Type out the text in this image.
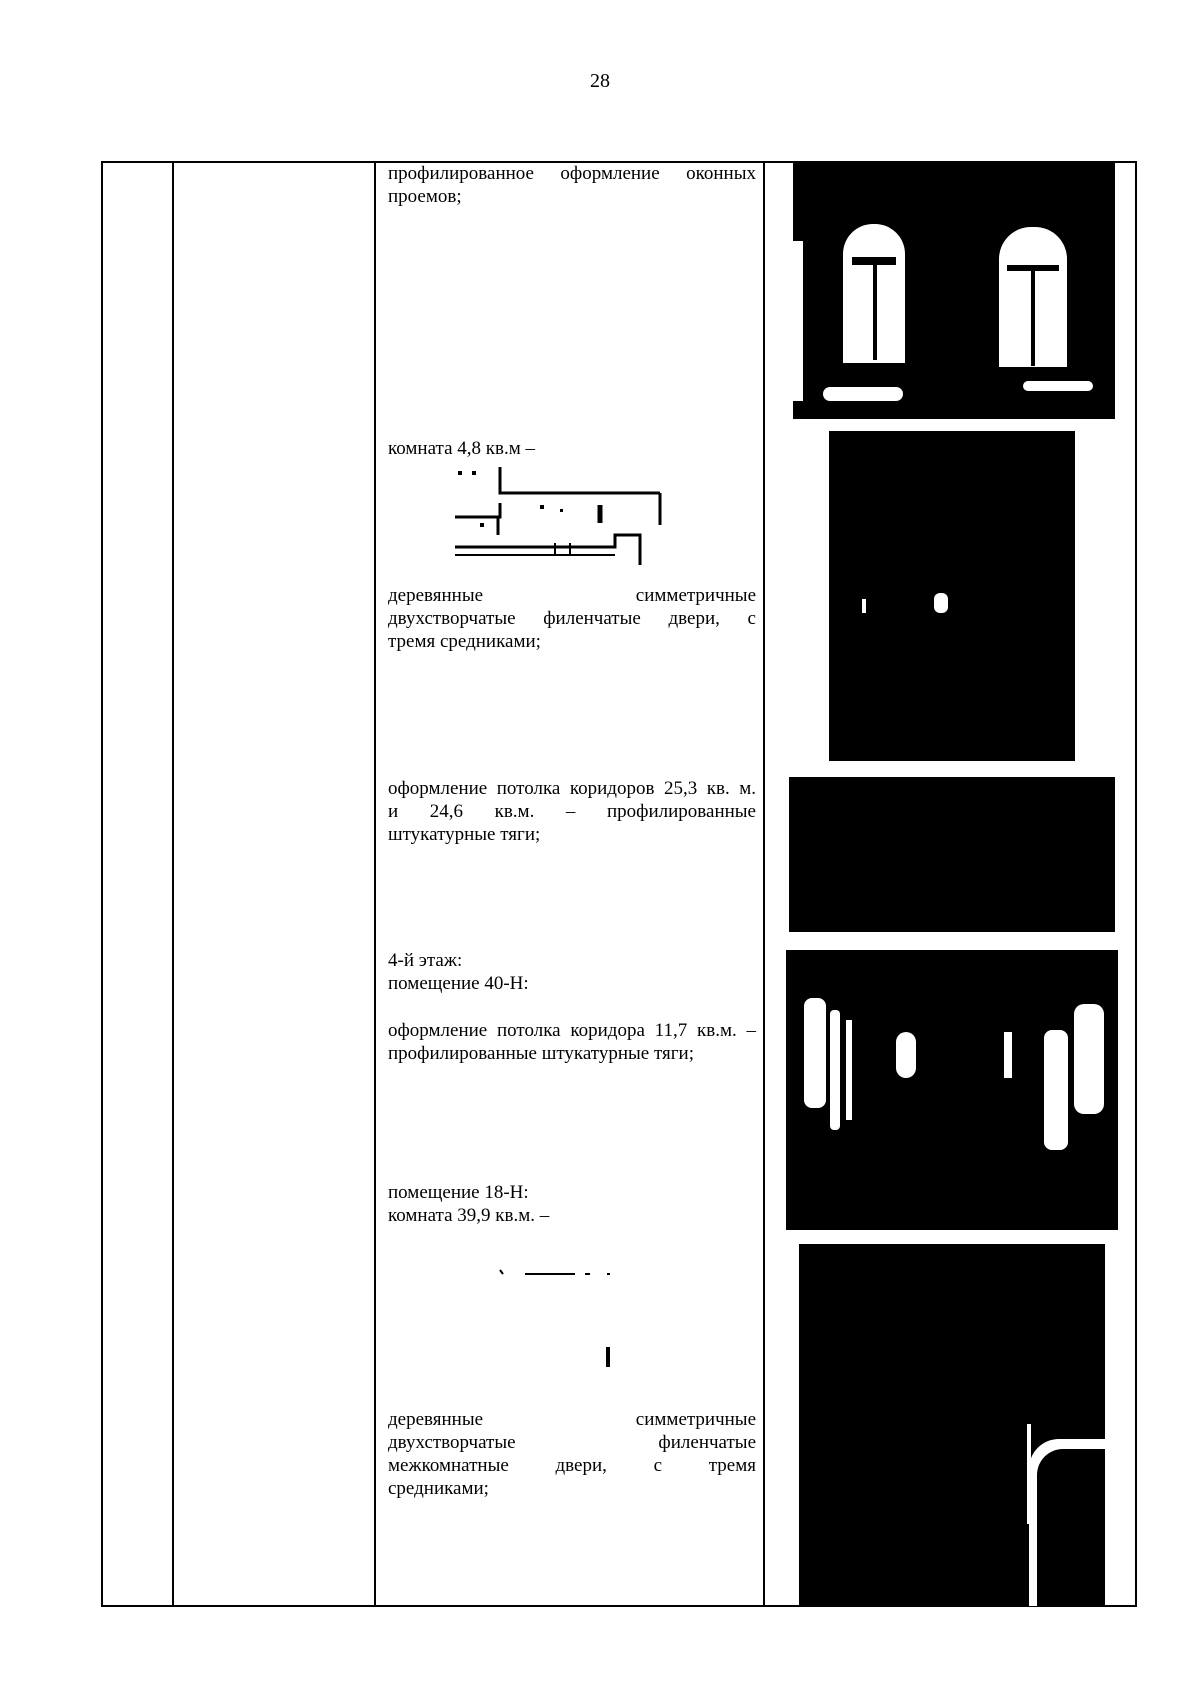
28
профилированное оформление оконных
проемов;
комната 4,8 кв.м –
деревянные симметричные
двухстворчатые филенчатые двери, с
тремя средниками;
оформление потолка коридоров 25,3 кв. м.
и 24,6 кв.м. – профилированные
штукатурные тяги;
4-й этаж:
помещение 40-Н:
оформление потолка коридора 11,7 кв.м. –
профилированные штукатурные тяги;
помещение 18-Н:
комната 39,9 кв.м. –
деревянные симметричные
двухстворчатые филенчатые
межкомнатные двери, с тремя
средниками;
